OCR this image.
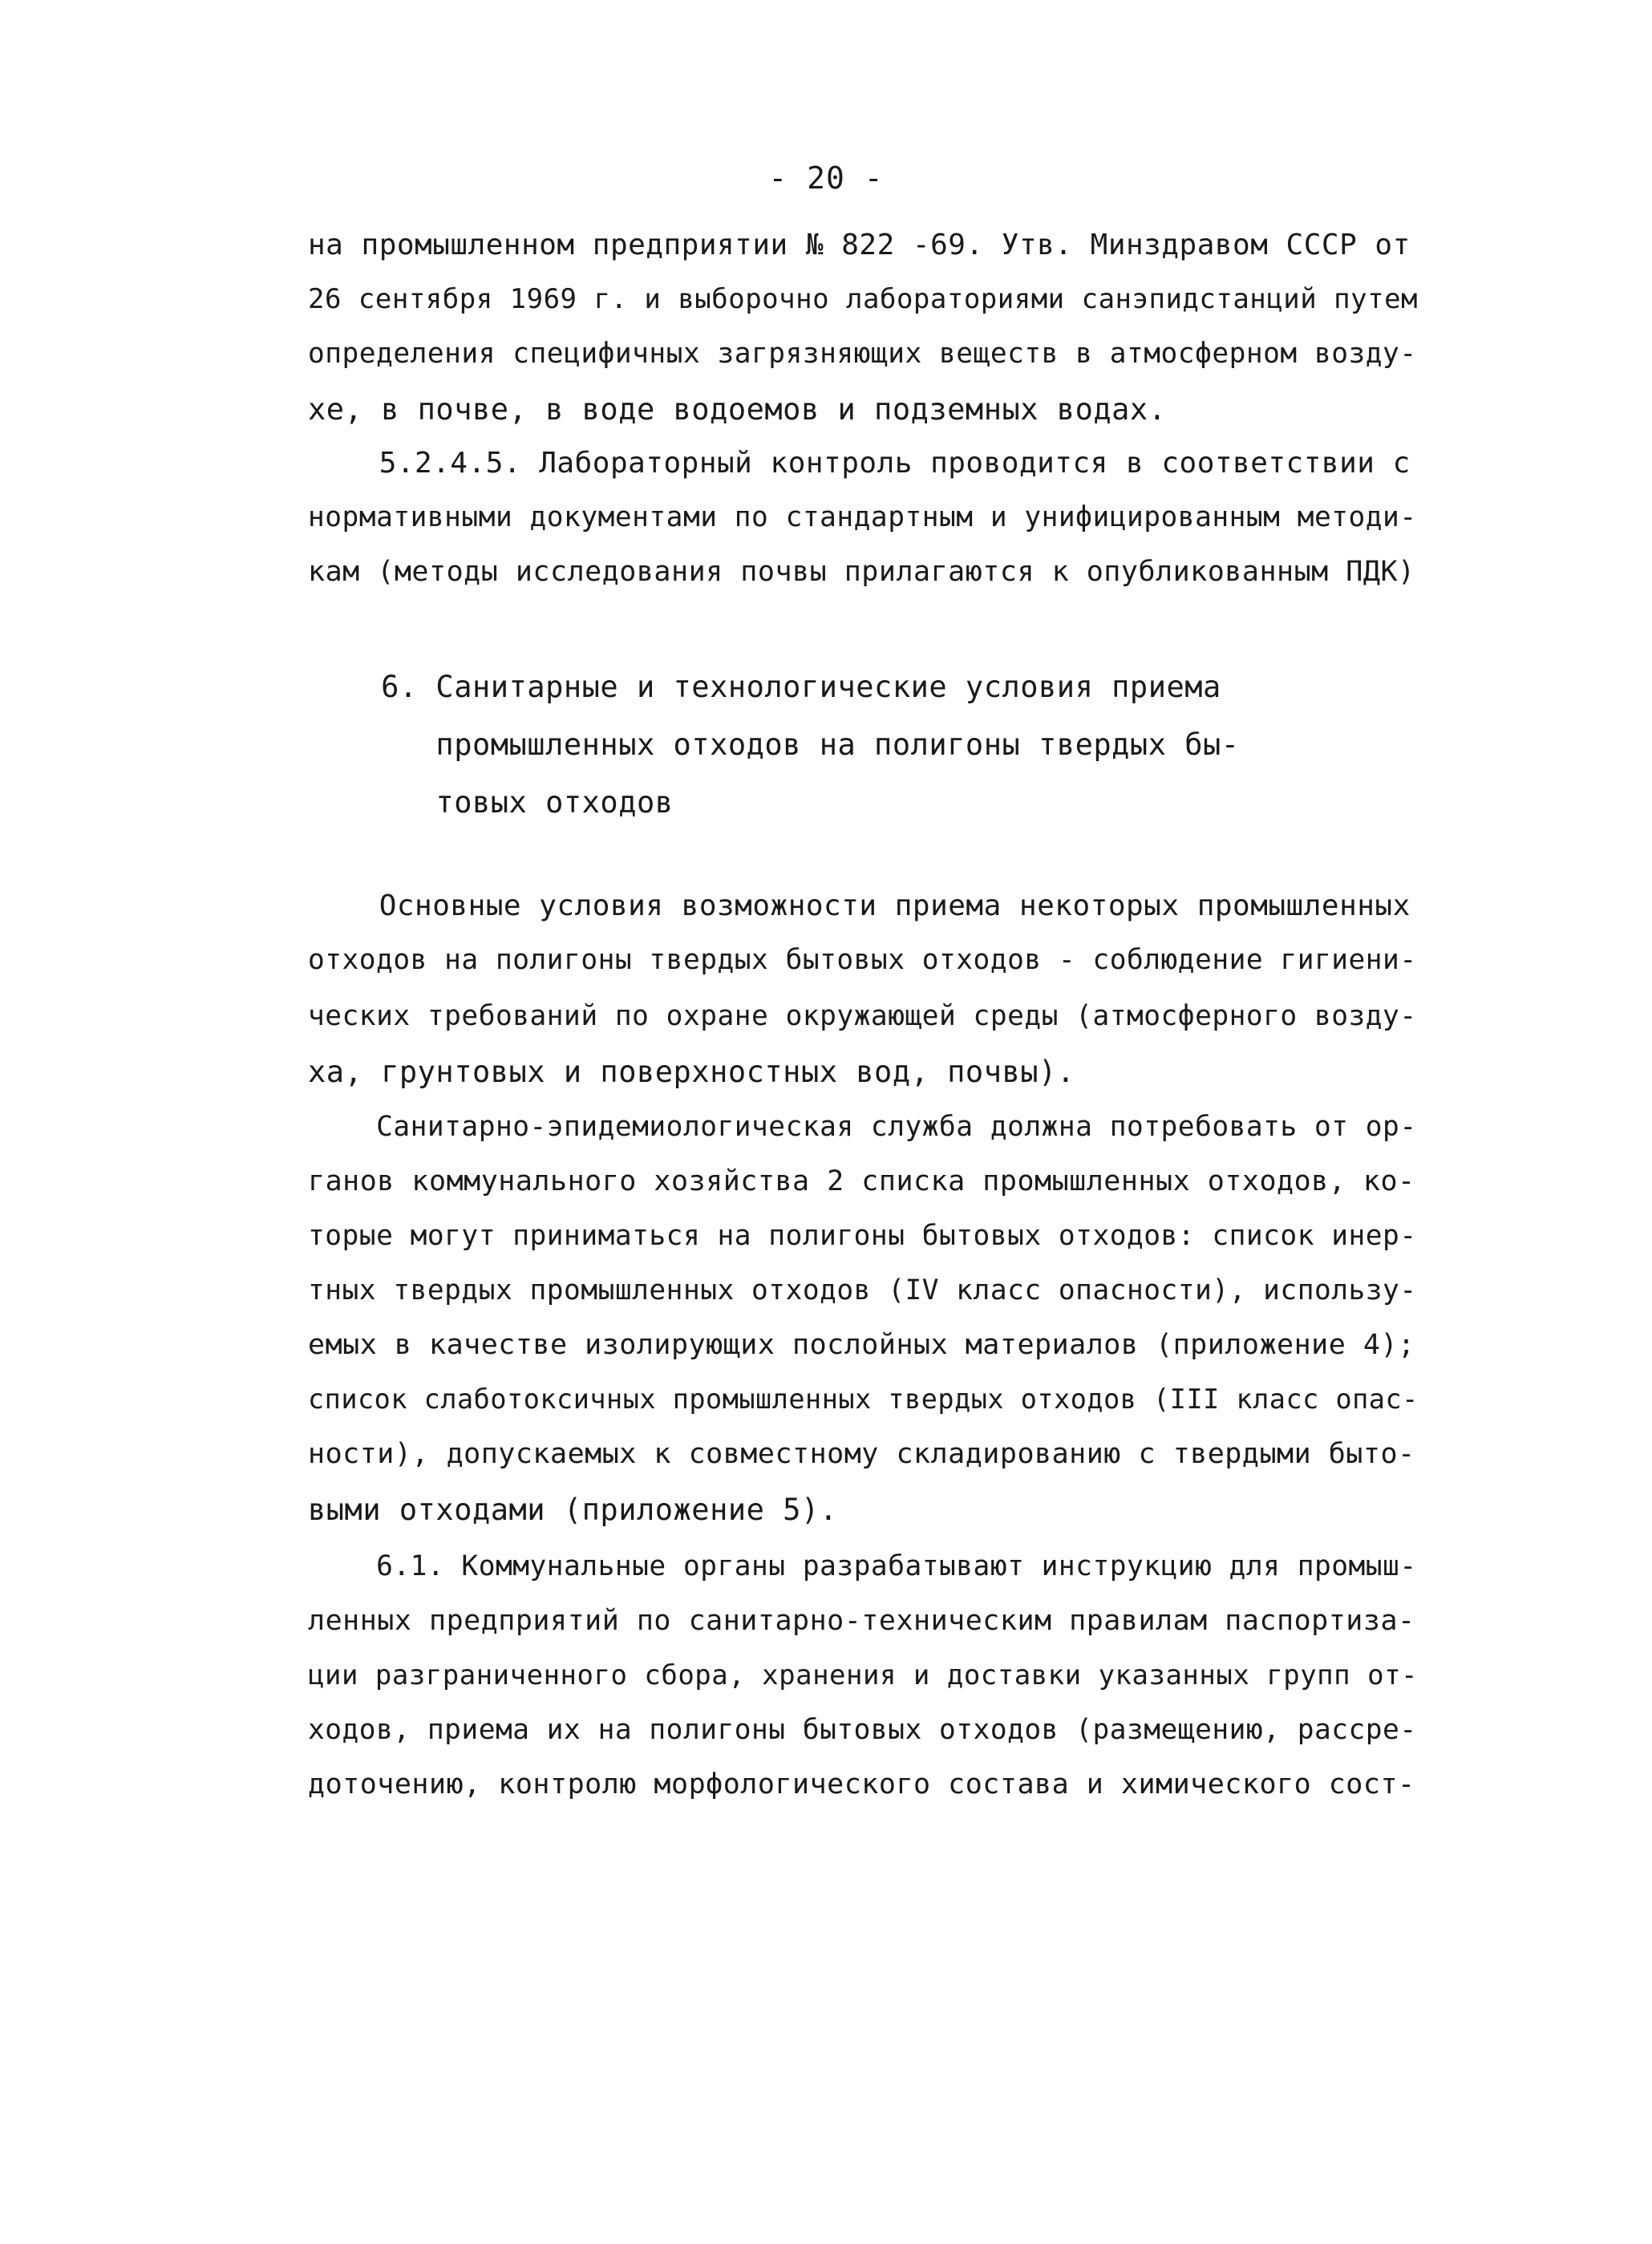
- 20 -
на промышленном предприятии № 822 -69. Утв. Минздравом СССР от
26 сентября 1969 г. и выборочно лабораториями санэпидстанций путем
определения специфичных загрязняющих веществ в атмосферном возду-
хе, в почве, в воде водоемов и подземных водах.
5.2.4.5. Лабораторный контроль проводится в соответствии с
нормативными документами по стандартным и унифицированным методи-
кам (методы исследования почвы прилагаются к опубликованным ПДК)
6. Санитарные и технологические условия приема
промышленных отходов на полигоны твердых бы-
товых отходов
Основные условия возможности приема некоторых промышленных
отходов на полигоны твердых бытовых отходов - соблюдение гигиени-
ческих требований по охране окружающей среды (атмосферного возду-
ха, грунтовых и поверхностных вод, почвы).
Санитарно-эпидемиологическая служба должна потребовать от ор-
ганов коммунального хозяйства 2 списка промышленных отходов, ко-
торые могут приниматься на полигоны бытовых отходов: список инер-
тных твердых промышленных отходов (IV класс опасности), использу-
емых в качестве изолирующих послойных материалов (приложение 4);
список слаботоксичных промышленных твердых отходов (III класс опас-
ности), допускаемых к совместному складированию с твердыми быто-
выми отходами (приложение 5).
6.1. Коммунальные органы разрабатывают инструкцию для промыш-
ленных предприятий по санитарно-техническим правилам паспортиза-
ции разграниченного сбора, хранения и доставки указанных групп от-
ходов, приема их на полигоны бытовых отходов (размещению, рассре-
доточению, контролю морфологического состава и химического сост-
